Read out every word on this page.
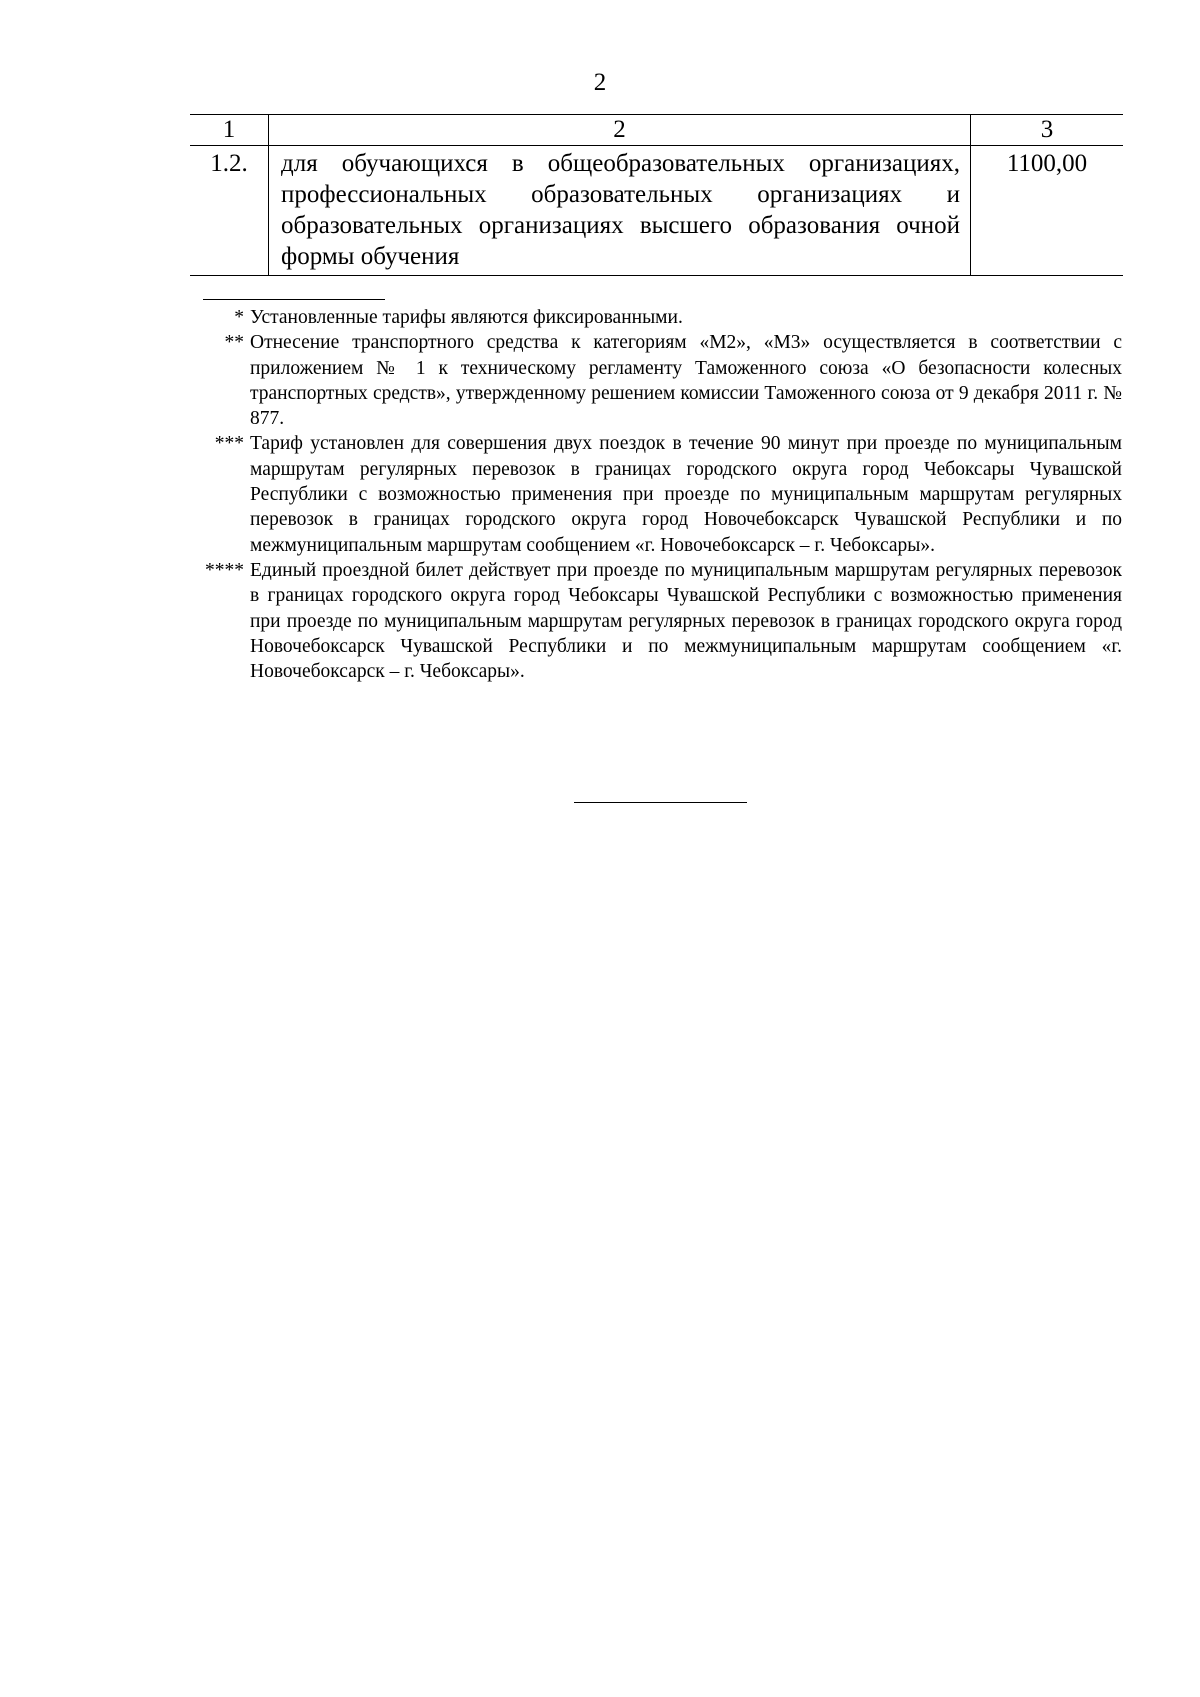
2
1	2	3
1.2.	для обучающихся в общеобразовательных организациях, профессиональных образовательных организациях и образовательных организациях высшего образования очной формы обучения	1100,00
* Установленные тарифы являются фиксированными.
** Отнесение транспортного средства к категориям «М2», «М3» осуществляется в соответствии с приложением № 1 к техническому регламенту Таможенного союза «О безопасности колесных транспортных средств», утвержденному решением комиссии Таможенного союза от 9 декабря 2011 г. № 877.
*** Тариф установлен для совершения двух поездок в течение 90 минут при проезде по муниципальным маршрутам регулярных перевозок в границах городского округа город Чебоксары Чувашской Республики с возможностью применения при проезде по муниципальным маршрутам регулярных перевозок в границах городского округа город Новочебоксарск Чувашской Республики и по межмуниципальным маршрутам сообщением «г. Новочебоксарск – г. Чебоксары».
**** Единый проездной билет действует при проезде по муниципальным маршрутам регулярных перевозок в границах городского округа город Чебоксары Чувашской Республики с возможностью применения при проезде по муниципальным маршрутам регулярных перевозок в границах городского округа город Новочебоксарск Чувашской Республики и по межмуниципальным маршрутам сообщением «г. Новочебоксарск – г. Чебоксары».
